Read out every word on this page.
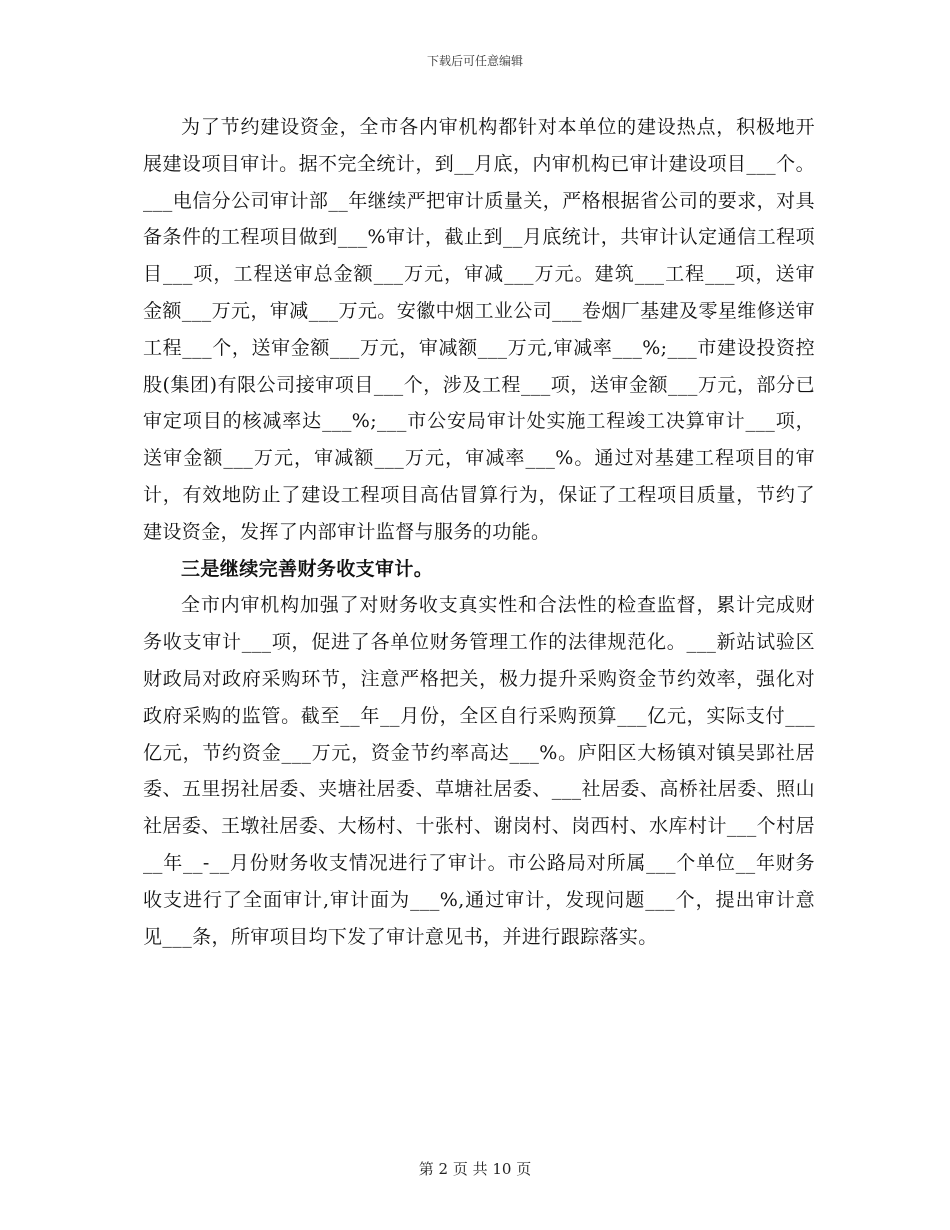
下载后可任意编辑

为了节约建设资金，全市各内审机构都针对本单位的建设热点，积极地开展建设项目审计。据不完全统计，到__月底，内审机构已审计建设项目___个。___电信分公司审计部__年继续严把审计质量关，严格根据省公司的要求，对具备条件的工程项目做到___%审计，截止到__月底统计，共审计认定通信工程项目___项，工程送审总金额___万元，审减___万元。建筑___工程___项，送审金额___万元，审减___万元。安徽中烟工业公司___卷烟厂基建及零星维修送审工程___个，送审金额___万元，审减额___万元,审减率___%;___市建设投资控股(集团)有限公司接审项目___个，涉及工程___项，送审金额___万元，部分已审定项目的核减率达___%;___市公安局审计处实施工程竣工决算审计___项，送审金额___万元，审减额___万元，审减率___%。通过对基建工程项目的审计，有效地防止了建设工程项目高估冒算行为，保证了工程项目质量，节约了建设资金，发挥了内部审计监督与服务的功能。

三是继续完善财务收支审计。

全市内审机构加强了对财务收支真实性和合法性的检查监督，累计完成财务收支审计___项，促进了各单位财务管理工作的法律规范化。___新站试验区财政局对政府采购环节，注意严格把关，极力提升采购资金节约效率，强化对政府采购的监管。截至__年__月份，全区自行采购预算___亿元，实际支付___亿元，节约资金___万元，资金节约率高达___%。庐阳区大杨镇对镇吴郢社居委、五里拐社居委、夹塘社居委、草塘社居委、___社居委、高桥社居委、照山社居委、王墩社居委、大杨村、十张村、谢岗村、岗西村、水库村计___个村居__年__-__月份财务收支情况进行了审计。市公路局对所属___个单位__年财务收支进行了全面审计,审计面为___%,通过审计，发现问题___个，提出审计意见___条，所审项目均下发了审计意见书，并进行跟踪落实。

第 2 页 共 10 页
